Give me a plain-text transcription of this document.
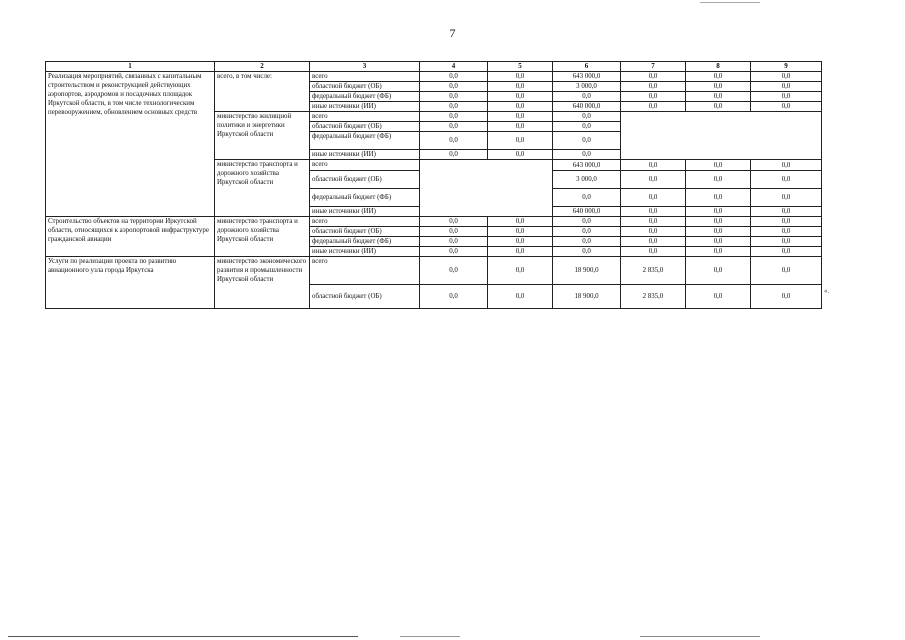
7
1	2	3	4	5	6	7	8	9
Реализация мероприятий, связанных с капитальным строительством и реконструкцией действующих аэропортов, аэродромов и посадочных площадок Иркутской области, в том числе технологическим перевооружением, обновлением основных средств	всего, в том числе:	всего	0,0	0,0	643 000,0	0,0	0,0	0,0
		областной бюджет (ОБ)	0,0	0,0	3 000,0	0,0	0,0	0,0
		федеральный бюджет (ФБ)	0,0	0,0	0,0	0,0	0,0	0,0
		иные источники (ИИ)	0,0	0,0	640 000,0	0,0	0,0	0,0
	министерство жилищной политики и энергетики Иркутской области	всего	0,0	0,0	0,0			
		областной бюджет (ОБ)	0,0	0,0	0,0			
		федеральный бюджет (ФБ)	0,0	0,0	0,0			
		иные источники (ИИ)	0,0	0,0	0,0			
	министерство транспорта и дорожного хозяйства Иркутской области	всего			643 000,0	0,0	0,0	0,0
		областной бюджет (ОБ)			3 000,0	0,0	0,0	0,0
		федеральный бюджет (ФБ)			0,0	0,0	0,0	0,0
		иные источники (ИИ)			640 000,0	0,0	0,0	0,0
Строительство объектов на территории Иркутской области, относящихся к аэропортовой инфраструктуре гражданской авиации	министерство транспорта и дорожного хозяйства Иркутской области	всего	0,0	0,0	0,0	0,0	0,0	0,0
		областной бюджет (ОБ)	0,0	0,0	0,0	0,0	0,0	0,0
		федеральный бюджет (ФБ)	0,0	0,0	0,0	0,0	0,0	0,0
		иные источники (ИИ)	0,0	0,0	0,0	0,0	0,0	0,0
Услуги по реализации проекта по развитию авиационного узла города Иркутска	министерство экономического развития и промышленности Иркутской области	всего	0,0	0,0	18 900,0	2 835,0	0,0	0,0
		областной бюджет (ОБ)	0,0	0,0	18 900,0	2 835,0	0,0	0,0
«.
